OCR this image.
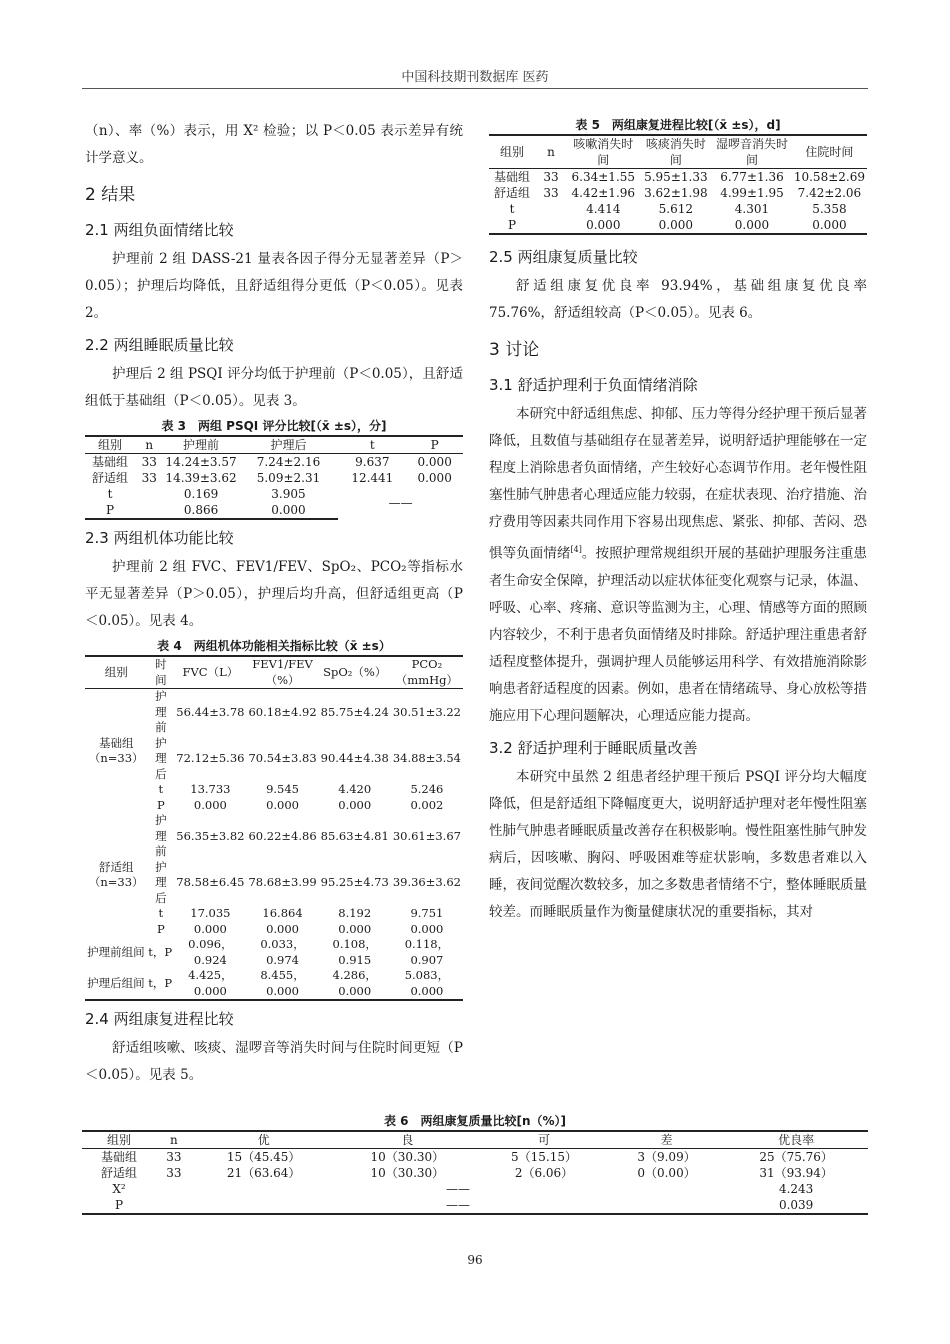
中国科技期刊数据库 医药

（n）、率（%）表示，用 X² 检验；以 P＜0.05 表示差异有统计学意义。

2 结果
2.1 两组负面情绪比较

护理前 2 组 DASS-21 量表各因子得分无显著差异（P＞0.05）；护理后均降低，且舒适组得分更低（P＜0.05）。见表 2。

2.2 两组睡眠质量比较

护理后 2 组 PSQI 评分均低于护理前（P＜0.05），且舒适组低于基础组（P＜0.05）。见表 3。

表 3　两组 PSQI 评分比较[（x̄ ±s），分]
组别	n	护理前	护理后	t	P
基础组	33	14.24±3.57	7.24±2.16	9.637	0.000
舒适组	33	14.39±3.62	5.09±2.31	12.441	0.000
t		0.169	3.905	——	
P		0.866	0.000		
2.3 两组机体功能比较

护理前 2 组 FVC、FEV1/FEV、SpO₂、PCO₂等指标水平无显著差异（P＞0.05），护理后均升高，但舒适组更高（P＜0.05）。见表 4。

表 4　两组机体功能相关指标比较（x̄ ±s）
组别	时间	FVC（L）	FEV1/FEV（%）	SpO₂（%）	PCO₂（mmHg）
基础组（n=33）	护理前	56.44±3.78	60.18±4.92	85.75±4.24	30.51±3.22
	护理后	72.12±5.36	70.54±3.83	90.44±4.38	34.88±3.54
	t	13.733	9.545	4.420	5.246
	P	0.000	0.000	0.000	0.002
舒适组（n=33）	护理前	56.35±3.82	60.22±4.86	85.63±4.81	30.61±3.67
	护理后	78.58±6.45	78.68±3.99	95.25±4.73	39.36±3.62
	t	17.035	16.864	8.192	9.751
	P	0.000	0.000	0.000	0.000
护理前组间 t，P		0.096，0.924	0.033，0.974	0.108，0.915	0.118，0.907
护理后组间 t，P		4.425，0.000	8.455，0.000	4.286，0.000	5.083，0.000
2.4 两组康复进程比较

舒适组咳嗽、咳痰、湿啰音等消失时间与住院时间更短（P＜0.05）。见表 5。

表 5　两组康复进程比较[（x̄ ±s），d]
组别	n	咳嗽消失时间	咳痰消失时间	湿啰音消失时间	住院时间
基础组	33	6.34±1.55	5.95±1.33	6.77±1.36	10.58±2.69
舒适组	33	4.42±1.96	3.62±1.98	4.99±1.95	7.42±2.06
t		4.414	5.612	4.301	5.358
P		0.000	0.000	0.000	0.000
2.5 两组康复质量比较

舒适组康复优良率 93.94%，基础组康复优良率 75.76%，舒适组较高（P＜0.05）。见表 6。

3 讨论
3.1 舒适护理利于负面情绪消除

本研究中舒适组焦虑、抑郁、压力等得分经护理干预后显著降低，且数值与基础组存在显著差异，说明舒适护理能够在一定程度上消除患者负面情绪，产生较好心态调节作用。老年慢性阻塞性肺气肿患者心理适应能力较弱，在症状表现、治疗措施、治疗费用等因素共同作用下容易出现焦虑、紧张、抑郁、苦闷、恐惧等负面情绪[4]。按照护理常规组织开展的基础护理服务注重患者生命安全保障，护理活动以症状体征变化观察与记录，体温、呼吸、心率、疼痛、意识等监测为主，心理、情感等方面的照顾内容较少，不利于患者负面情绪及时排除。舒适护理注重患者舒适程度整体提升，强调护理人员能够运用科学、有效措施消除影响患者舒适程度的因素。例如，患者在情绪疏导、身心放松等措施应用下心理问题解决，心理适应能力提高。

3.2 舒适护理利于睡眠质量改善

本研究中虽然 2 组患者经护理干预后 PSQI 评分均大幅度降低，但是舒适组下降幅度更大，说明舒适护理对老年慢性阻塞性肺气肿患者睡眠质量改善存在积极影响。慢性阻塞性肺气肿发病后，因咳嗽、胸闷、呼吸困难等症状影响，多数患者难以入睡，夜间觉醒次数较多，加之多数患者情绪不宁，整体睡眠质量较差。而睡眠质量作为衡量健康状况的重要指标，其对

表 6　两组康复质量比较[n（%）]
组别	n	优	良	可	差	优良率
基础组	33	15（45.45）	10（30.30）	5（15.15）	3（9.09）	25（75.76）
舒适组	33	21（63.64）	10（30.30）	2（6.06）	0（0.00）	31（93.94）
X²		——				4.243
P		——				0.039
96
